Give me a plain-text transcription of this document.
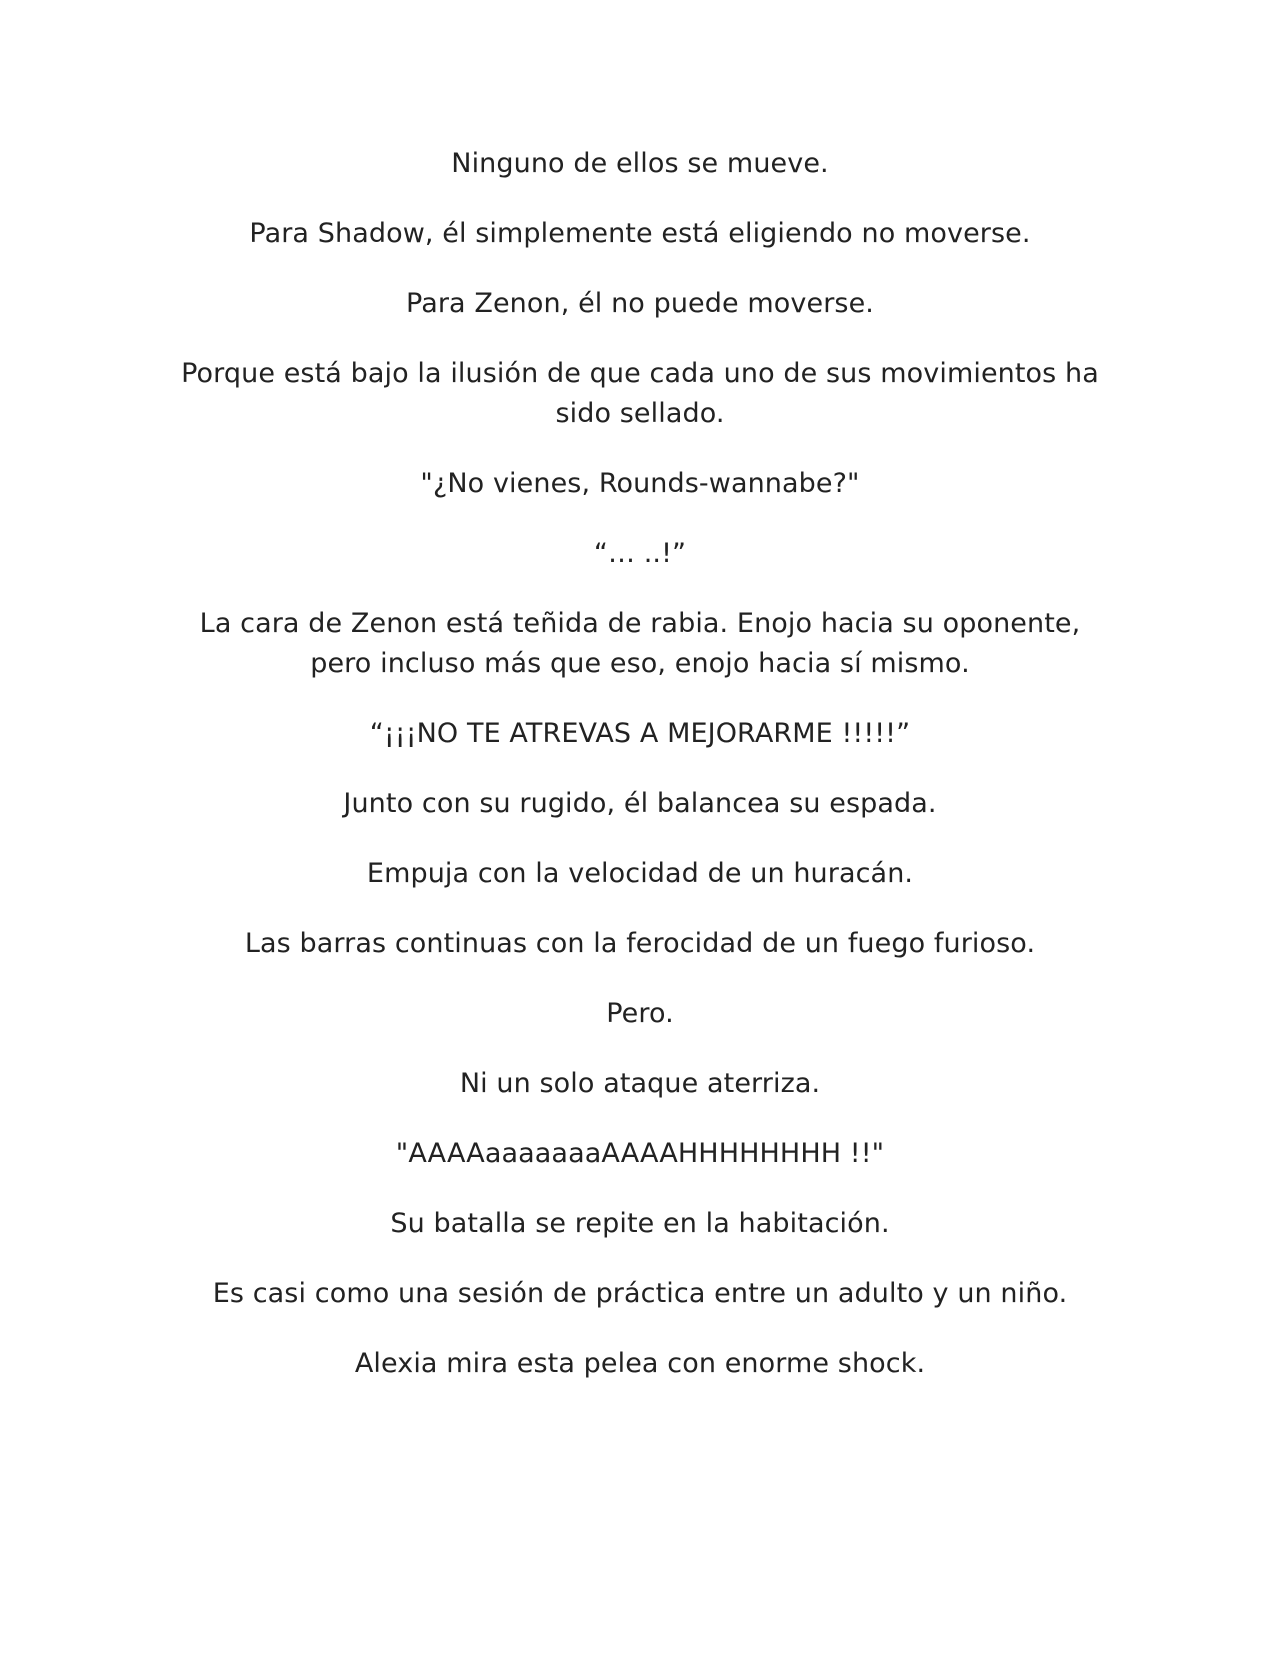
Ninguno de ellos se mueve.

Para Shadow, él simplemente está eligiendo no moverse.

Para Zenon, él no puede moverse.

Porque está bajo la ilusión de que cada uno de sus movimientos ha sido sellado.

"¿No vienes, Rounds-wannabe?"

“… ..!”

La cara de Zenon está teñida de rabia. Enojo hacia su oponente, pero incluso más que eso, enojo hacia sí mismo.

“¡¡¡NO TE ATREVAS A MEJORARME !!!!!”

Junto con su rugido, él balancea su espada.

Empuja con la velocidad de un huracán.

Las barras continuas con la ferocidad de un fuego furioso.

Pero.

Ni un solo ataque aterriza.

"AAAAaaaaaaaAAAAHHHHHHHH !!"

Su batalla se repite en la habitación.

Es casi como una sesión de práctica entre un adulto y un niño.

Alexia mira esta pelea con enorme shock.
